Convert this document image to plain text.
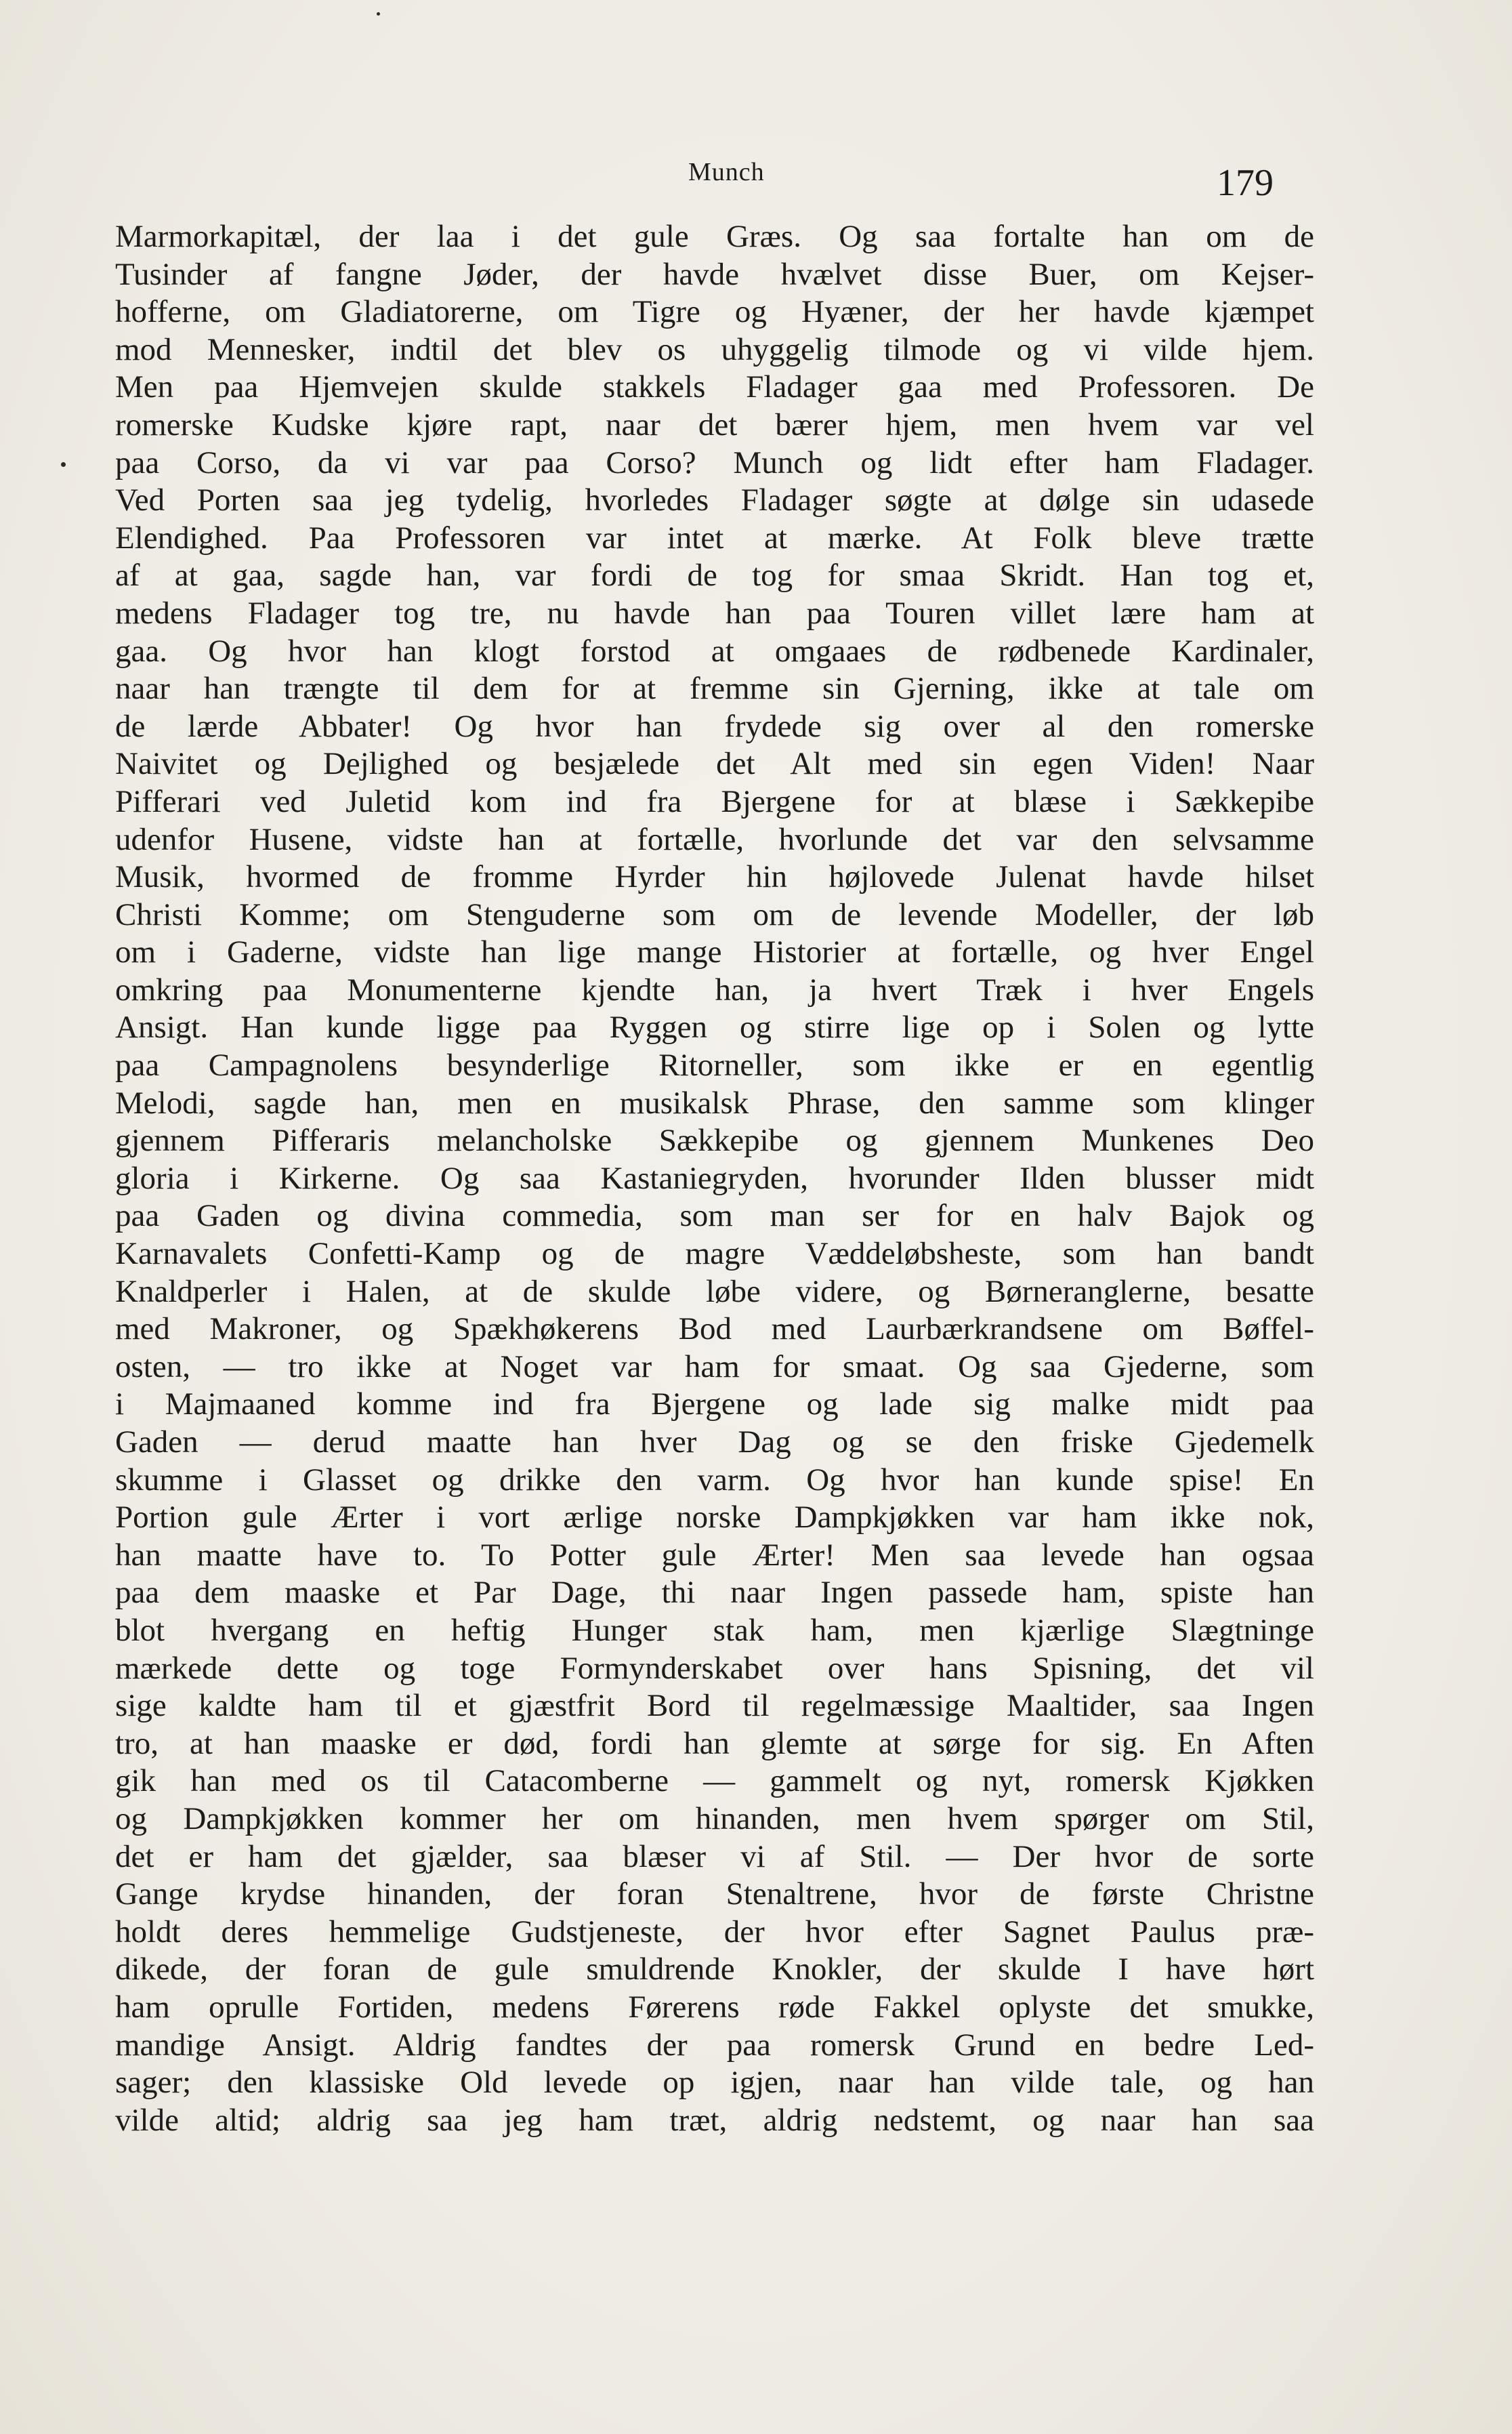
Munch	179
Marmorkapitæl, der laa i det gule Græs. Og saa fortalte han om de
Tusinder af fangne Jøder, der havde hvælvet disse Buer, om Kejser-
hofferne, om Gladiatorerne, om Tigre og Hyæner, der her havde kjæmpet
mod Mennesker, indtil det blev os uhyggelig tilmode og vi vilde hjem.
Men paa Hjemvejen skulde stakkels Fladager gaa med Professoren. De
romerske Kudske kjøre rapt, naar det bærer hjem, men hvem var vel
paa Corso, da vi var paa Corso? Munch og lidt efter ham Fladager.
Ved Porten saa jeg tydelig, hvorledes Fladager søgte at dølge sin udasede
Elendighed. Paa Professoren var intet at mærke. At Folk bleve trætte
af at gaa, sagde han, var fordi de tog for smaa Skridt. Han tog et,
medens Fladager tog tre, nu havde han paa Touren villet lære ham at
gaa. Og hvor han klogt forstod at omgaaes de rødbenede Kardinaler,
naar han trængte til dem for at fremme sin Gjerning, ikke at tale om
de lærde Abbater! Og hvor han frydede sig over al den romerske
Naivitet og Dejlighed og besjælede det Alt med sin egen Viden! Naar
Pifferari ved Juletid kom ind fra Bjergene for at blæse i Sækkepibe
udenfor Husene, vidste han at fortælle, hvorlunde det var den selvsamme
Musik, hvormed de fromme Hyrder hin højlovede Julenat havde hilset
Christi Komme; om Stenguderne som om de levende Modeller, der løb
om i Gaderne, vidste han lige mange Historier at fortælle, og hver Engel
omkring paa Monumenterne kjendte han, ja hvert Træk i hver Engels
Ansigt. Han kunde ligge paa Ryggen og stirre lige op i Solen og lytte
paa Campagnolens besynderlige Ritorneller, som ikke er en egentlig
Melodi, sagde han, men en musikalsk Phrase, den samme som klinger
gjennem Pifferaris melancholske Sækkepibe og gjennem Munkenes Deo
gloria i Kirkerne. Og saa Kastaniegryden, hvorunder Ilden blusser midt
paa Gaden og divina commedia, som man ser for en halv Bajok og
Karnavalets Confetti-Kamp og de magre Væddeløbsheste, som han bandt
Knaldperler i Halen, at de skulde løbe videre, og Børneranglerne, besatte
med Makroner, og Spækhøkerens Bod med Laurbærkrandsene om Bøffel-
osten, — tro ikke at Noget var ham for smaat. Og saa Gjederne, som
i Majmaaned komme ind fra Bjergene og lade sig malke midt paa
Gaden — derud maatte han hver Dag og se den friske Gjedemelk
skumme i Glasset og drikke den varm. Og hvor han kunde spise! En
Portion gule Ærter i vort ærlige norske Dampkjøkken var ham ikke nok,
han maatte have to. To Potter gule Ærter! Men saa levede han ogsaa
paa dem maaske et Par Dage, thi naar Ingen passede ham, spiste han
blot hvergang en heftig Hunger stak ham, men kjærlige Slægtninge
mærkede dette og toge Formynderskabet over hans Spisning, det vil
sige kaldte ham til et gjæstfrit Bord til regelmæssige Maaltider, saa Ingen
tro, at han maaske er død, fordi han glemte at sørge for sig. En Aften
gik han med os til Catacomberne — gammelt og nyt, romersk Kjøkken
og Dampkjøkken kommer her om hinanden, men hvem spørger om Stil,
det er ham det gjælder, saa blæser vi af Stil. — Der hvor de sorte
Gange krydse hinanden, der foran Stenaltrene, hvor de første Christne
holdt deres hemmelige Gudstjeneste, der hvor efter Sagnet Paulus præ-
dikede, der foran de gule smuldrende Knokler, der skulde I have hørt
ham oprulle Fortiden, medens Førerens røde Fakkel oplyste det smukke,
mandige Ansigt. Aldrig fandtes der paa romersk Grund en bedre Led-
sager; den klassiske Old levede op igjen, naar han vilde tale, og han
vilde altid; aldrig saa jeg ham træt, aldrig nedstemt, og naar han saa
